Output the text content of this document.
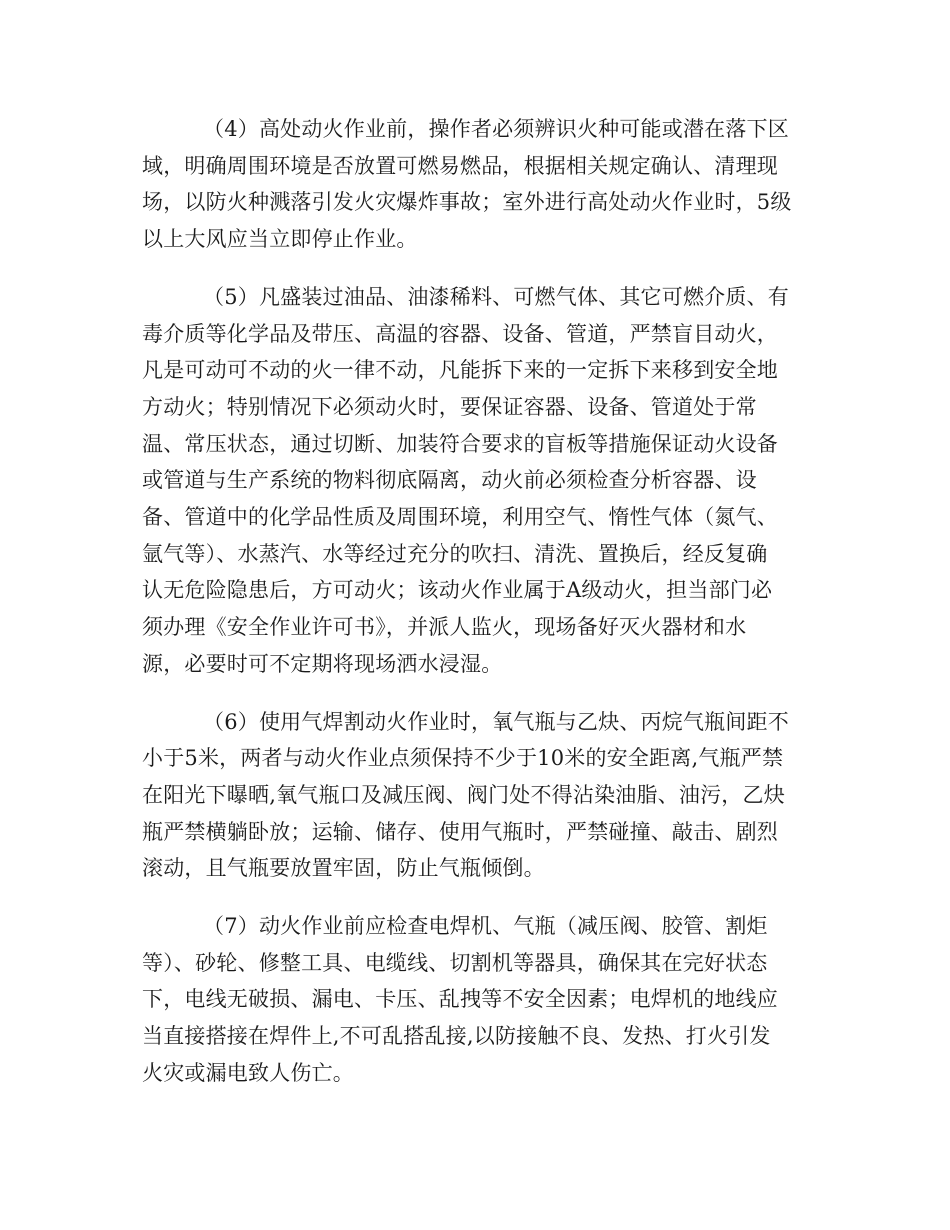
（4）高处动火作业前，操作者必须辨识火种可能或潜在落下区
域，明确周围环境是否放置可燃易燃品，根据相关规定确认、清理现
场，以防火种溅落引发火灾爆炸事故；室外进行高处动火作业时，5级
以上大风应当立即停止作业。
（5）凡盛装过油品、油漆稀料、可燃气体、其它可燃介质、有
毒介质等化学品及带压、高温的容器、设备、管道，严禁盲目动火，
凡是可动可不动的火一律不动，凡能拆下来的一定拆下来移到安全地
方动火；特别情况下必须动火时，要保证容器、设备、管道处于常
温、常压状态，通过切断、加装符合要求的盲板等措施保证动火设备
或管道与生产系统的物料彻底隔离，动火前必须检查分析容器、设
备、管道中的化学品性质及周围环境，利用空气、惰性气体（氮气、
氩气等）、水蒸汽、水等经过充分的吹扫、清洗、置换后，经反复确
认无危险隐患后，方可动火；该动火作业属于A级动火，担当部门必
须办理《安全作业许可书》，并派人监火，现场备好灭火器材和水
源，必要时可不定期将现场洒水浸湿。
（6）使用气焊割动火作业时，氧气瓶与乙炔、丙烷气瓶间距不
小于5米，两者与动火作业点须保持不少于10米的安全距离,气瓶严禁
在阳光下曝晒,氧气瓶口及减压阀、阀门处不得沾染油脂、油污，乙炔
瓶严禁横躺卧放；运输、储存、使用气瓶时，严禁碰撞、敲击、剧烈
滚动，且气瓶要放置牢固，防止气瓶倾倒。
（7）动火作业前应检查电焊机、气瓶（减压阀、胶管、割炬
等）、砂轮、修整工具、电缆线、切割机等器具，确保其在完好状态
下，电线无破损、漏电、卡压、乱拽等不安全因素；电焊机的地线应
当直接搭接在焊件上,不可乱搭乱接,以防接触不良、发热、打火引发
火灾或漏电致人伤亡。
